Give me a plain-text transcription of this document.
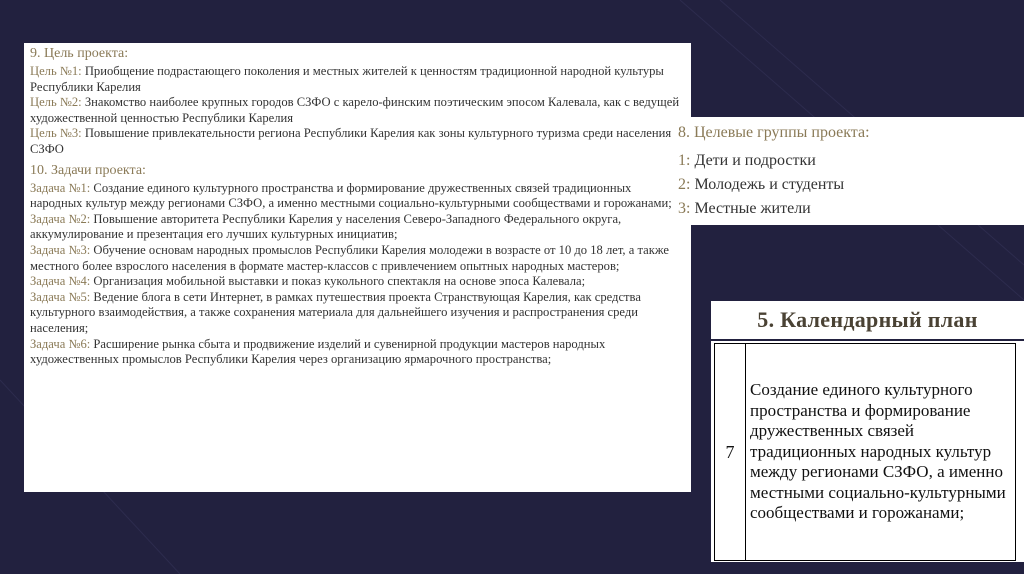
9. Цель проекта:

Цель №1: Приобщение подрастающего поколения и местных жителей к ценностям традиционной народной культуры Республики Карелия

Цель №2: Знакомство наиболее крупных городов СЗФО с карело-финским поэтическим эпосом Калевала, как с ведущей художественной ценностью Республики Карелия

Цель №3: Повышение привлекательности региона Республики Карелия как зоны культурного туризма среди населения СЗФО

10. Задачи проекта:

Задача №1: Создание единого культурного пространства и формирование дружественных связей традиционных народных культур между регионами СЗФО, а именно местными социально-культурными сообществами и горожанами;

Задача №2: Повышение авторитета Республики Карелия у населения Северо-Западного Федерального округа, аккумулирование и презентация его лучших культурных инициатив;

Задача №3: Обучение основам народных промыслов Республики Карелия молодежи в возрасте от 10 до 18 лет, а также местного более взрослого населения в формате мастер-классов с привлечением опытных народных мастеров;

Задача №4: Организация мобильной выставки и показ кукольного спектакля на основе эпоса Калевала;

Задача №5: Ведение блога в сети Интернет, в рамках путешествия проекта Странствующая Карелия, как средства культурного взаимодействия, а также сохранения материала для дальнейшего изучения и распространения среди населения;

Задача №6: Расширение рынка сбыта и продвижение изделий и сувенирной продукции мастеров народных художественных промыслов Республики Карелия через организацию ярмарочного пространства;

8. Целевые группы проекта:

1: Дети и подростки

2: Молодежь и студенты

3: Местные жители

5. Календарный план
7	Создание единого культурного пространства и формирование дружественных связей традиционных народных культур между регионами СЗФО, а именно местными социально-культурными сообществами и горожанами;
